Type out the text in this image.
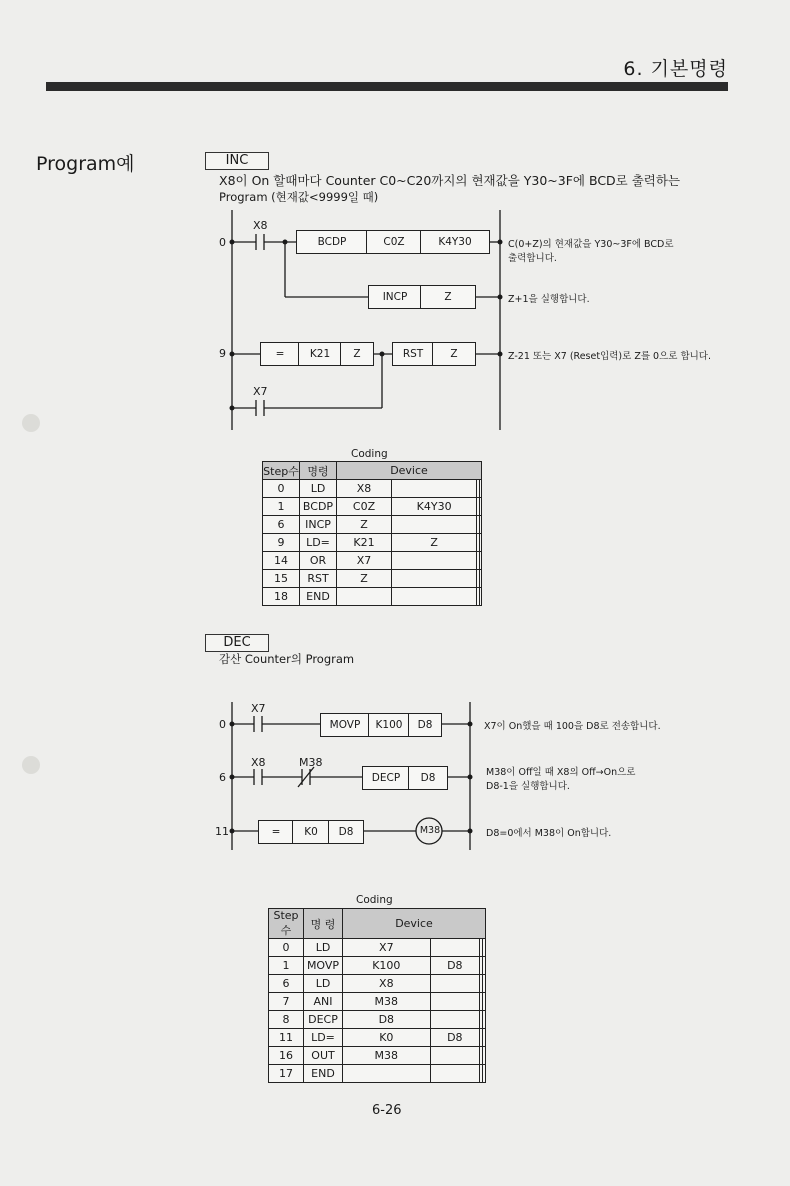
6. 기본명령
Program예	INC
X8이 On 할때마다 Counter C0~C20까지의 현재값을 Y30~3F에 BCD로 출력하는
Program (현재값<9999일 때)
0
X8
BCDP	C0Z	K4Y30	C(0+Z)의 현재값을 Y30~3F에 BCD로
출력합니다.
INCP	Z	Z+1을 실행합니다.
9	=	K21	Z	RST	Z	Z-21 또는 X7 (Reset입력)로 Z를 0으로 합니다.
X7
Coding
Step수	명령	Device			
0	LD	X8			
1	BCDP	C0Z	K4Y30		
6	INCP	Z			
9	LD=	K21	Z		
14	OR	X7			
15	RST	Z			
18	END				
DEC
감산 Counter의 Program
0
X7
MOVP	K100	D8	X7이 On했을 때 100을 D8로 전송합니다.
6
X8	M38
DECP	D8	M38이 Off일 때 X8의 Off→On으로
D8-1을 실행합니다.
11	=	K0	D8	M38	D8=0에서 M38이 On합니다.
Coding
Step수	명 령	Device			
0	LD	X7			
1	MOVP	K100	D8		
6	LD	X8			
7	ANI	M38			
8	DECP	D8			
11	LD=	K0	D8		
16	OUT	M38			
17	END				
6-26
